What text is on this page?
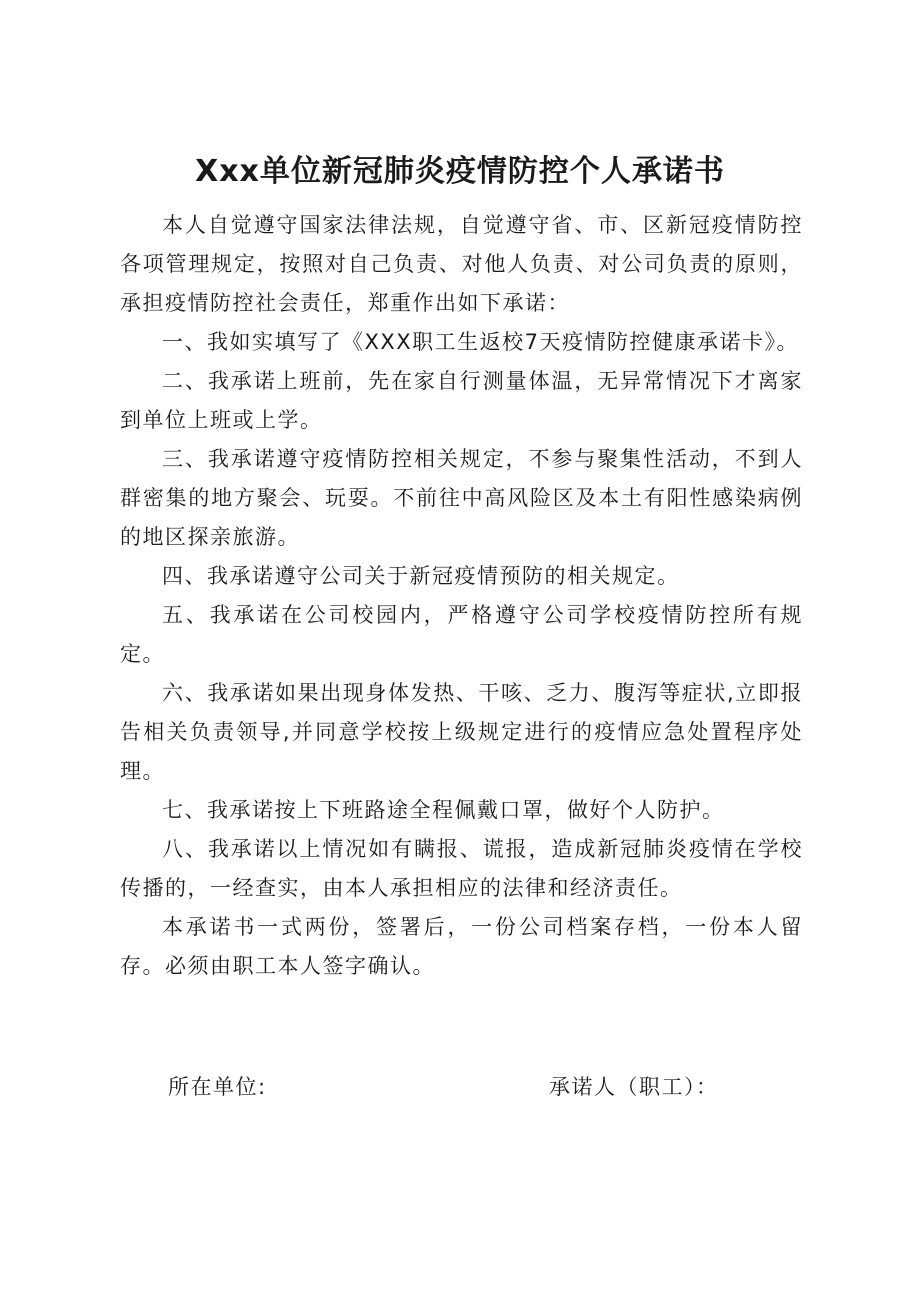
Xxx单位新冠肺炎疫情防控个人承诺书

本人自觉遵守国家法律法规，自觉遵守省、市、区新冠疫情防控各项管理规定，按照对自己负责、对他人负责、对公司负责的原则，承担疫情防控社会责任，郑重作出如下承诺：

一、我如实填写了《XXX职工生返校7天疫情防控健康承诺卡》。

二、我承诺上班前，先在家自行测量体温，无异常情况下才离家到单位上班或上学。

三、我承诺遵守疫情防控相关规定，不参与聚集性活动，不到人群密集的地方聚会、玩耍。不前往中高风险区及本土有阳性感染病例的地区探亲旅游。

四、我承诺遵守公司关于新冠疫情预防的相关规定。

五、我承诺在公司校园内，严格遵守公司学校疫情防控所有规定。

六、我承诺如果出现身体发热、干咳、乏力、腹泻等症状,立即报告相关负责领导,并同意学校按上级规定进行的疫情应急处置程序处理。

七、我承诺按上下班路途全程佩戴口罩，做好个人防护。

八、我承诺以上情况如有瞒报、谎报，造成新冠肺炎疫情在学校传播的，一经查实，由本人承担相应的法律和经济责任。

本承诺书一式两份，签署后，一份公司档案存档，一份本人留存。必须由职工本人签字确认。

所在单位:	承诺人（职工）：
